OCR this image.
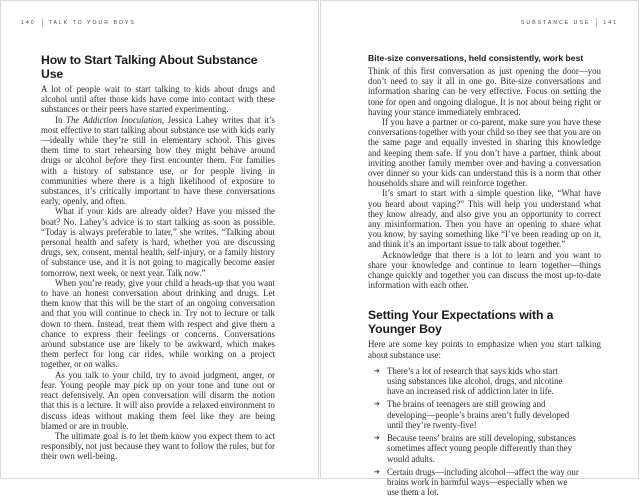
140	TALK TO YOUR BOYS
How to Start Talking About Substance Use

A lot of people wait to start talking to kids about drugs and alcohol until after those kids have come into contact with these substances or their peers have started experimenting.

In The Addiction Inoculation, Jessica Lahey writes that it’s most effective to start talking about substance use with kids early—ideally while they’re still in elementary school. This gives them time to start rehearsing how they might behave around drugs or alcohol before they first encounter them. For families with a history of substance use, or for people living in communities where there is a high likelihood of exposure to substances, it’s critically important to have these conversations early, openly, and often.

What if your kids are already older? Have you missed the boat? No. Lahey’s advice is to start talking as soon as possible. “Today is always preferable to later,” she writes. “Talking about personal health and safety is hard, whether you are discussing drugs, sex, consent, mental health, self-injury, or a family history of substance use, and it is not going to magically become easier tomorrow, next week, or next year. Talk now.”

When you’re ready, give your child a heads-up that you want to have an honest conversation about drinking and drugs. Let them know that this will be the start of an ongoing conversation and that you will continue to check in. Try not to lecture or talk down to them. Instead, treat them with respect and give them a chance to express their feelings or concerns. Conversations around substance use are likely to be awkward, which makes them perfect for long car rides, while working on a project together, or on walks.

As you talk to your child, try to avoid judgment, anger, or fear. Young people may pick up on your tone and tune out or react defensively. An open conversation will disarm the notion that this is a lecture. It will also provide a relaxed environment to discuss ideas without making them feel like they are being blamed or are in trouble.

The ultimate goal is to let them know you expect them to act responsibly, not just because they want to follow the rules, but for their own well-being.

SUBSTANCE USE	141
Bite-size conversations, held consistently, work best

Think of this first conversation as just opening the door—you don’t need to say it all in one go. Bite-size conversations and information sharing can be very effective. Focus on setting the tone for open and ongoing dialogue. It is not about being right or having your stance immediately embraced.

If you have a partner or co-parent, make sure you have these conversations together with your child so they see that you are on the same page and equally invested in sharing this knowledge and keeping them safe. If you don’t have a partner, think about inviting another family member over and having a conversation over dinner so your kids can understand this is a norm that other households share and will reinforce together.

It’s smart to start with a simple question like, “What have you heard about vaping?” This will help you understand what they know already, and also give you an opportunity to correct any misinformation. Then you have an opening to share what you know, by saying something like “I’ve been reading up on it, and think it’s an important issue to talk about together.”

Acknowledge that there is a lot to learn and you want to share your knowledge and continue to learn together—things change quickly and together you can discuss the most up-to-date information with each other.

Setting Your Expectations with a Younger Boy

Here are some key points to emphasize when you start talking about substance use:

➔ There’s a lot of research that says kids who start using substances like alcohol, drugs, and nicotine have an increased risk of addiction later in life.
➔ The brains of teenagers are still growing and developing—people’s brains aren’t fully developed until they’re twenty-five!
➔ Because teens’ brains are still developing, substances sometimes affect young people differently than they would adults.
➔ Certain drugs—including alcohol—affect the way our brains work in harmful ways—especially when we use them a lot.
